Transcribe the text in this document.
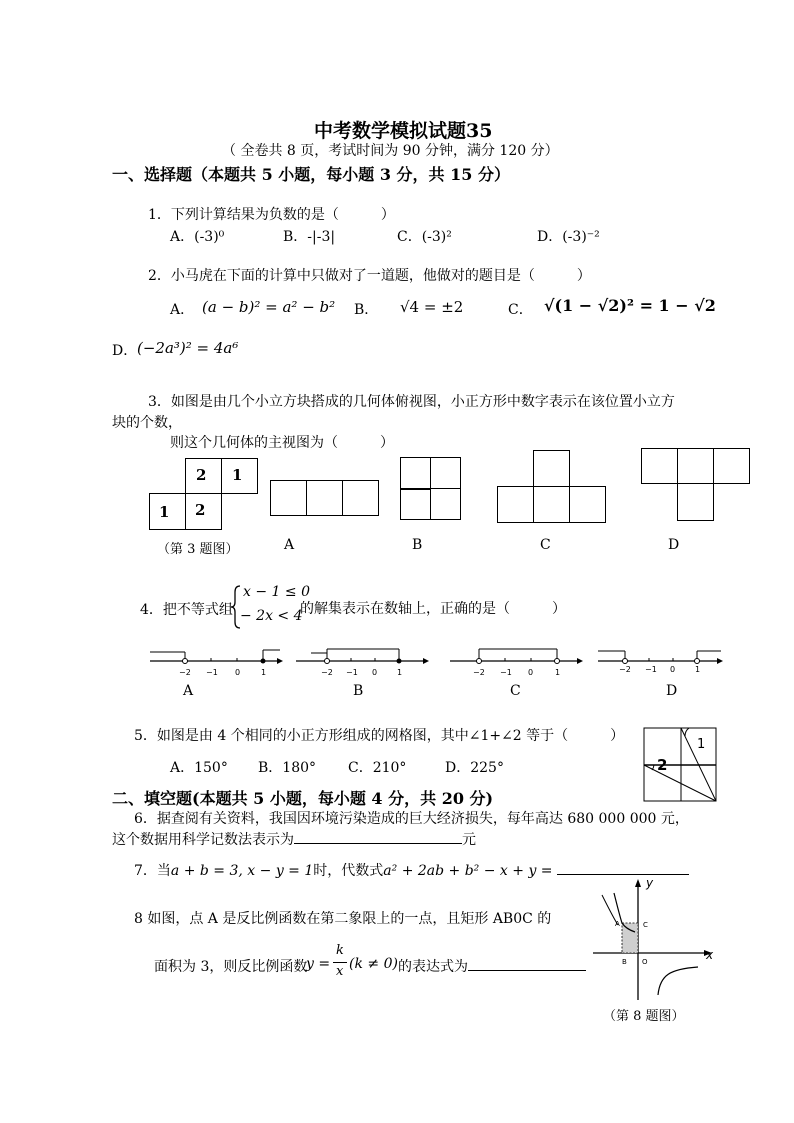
中考数学模拟试题35
（ 全卷共 8 页，考试时间为 90 分钟，满分 120 分）
一、选择题（本题共 5 小题，每小题 3 分，共 15 分）
1．下列计算结果为负数的是（　　　）
A．(-3)⁰	B．-|-3|	C．(-3)²	D．(-3)⁻²
2．小马虎在下面的计算中只做对了一道题，他做对的题目是（　　　）
A． (a − b)² = a² − b² B． √4 = ±2	C． √(1 − √2)² = 1 − √2
D． (−2a³)² = 4a⁶
3．如图是由几个小立方块搭成的几何体俯视图，小正方形中数字表示在该位置小立方
块的个数，
则这个几何体的主视图为（　　　）
2 1
1 2
（第 3 题图）	A	B	C	D
4．把不等式组
x − 1 ≤ 0
− 2x < 4
的解集表示在数轴上，正确的是（　　　）
−2 −1 0	1
A
−2 −1 0 1
B
−2 −1 0	1
C
−2 −1 0 1
D
5．如图是由 4 个相同的小正方形组成的网格图，其中∠1+∠2 等于（　　　）
A．150° B．180° C．210°	D．225°
1
2
二、填空题(本题共 5 小题，每小题 4 分，共 20 分)
6．据查阅有关资料，我国因环境污染造成的巨大经济损失，每年高达 680 000 000 元，
这个数据用科学记数法表示为	元
7．当a + b = 3, x − y = 1时，代数式a² + 2ab + b² − x + y =
8 如图，点 A 是反比例函数在第二象限上的一点，且矩形 AB0C 的
面积为 3，则反比例函数
y =
k
x (k ≠ 0) 的表达式为
y
x
A
B O
C
（第 8 题图）
